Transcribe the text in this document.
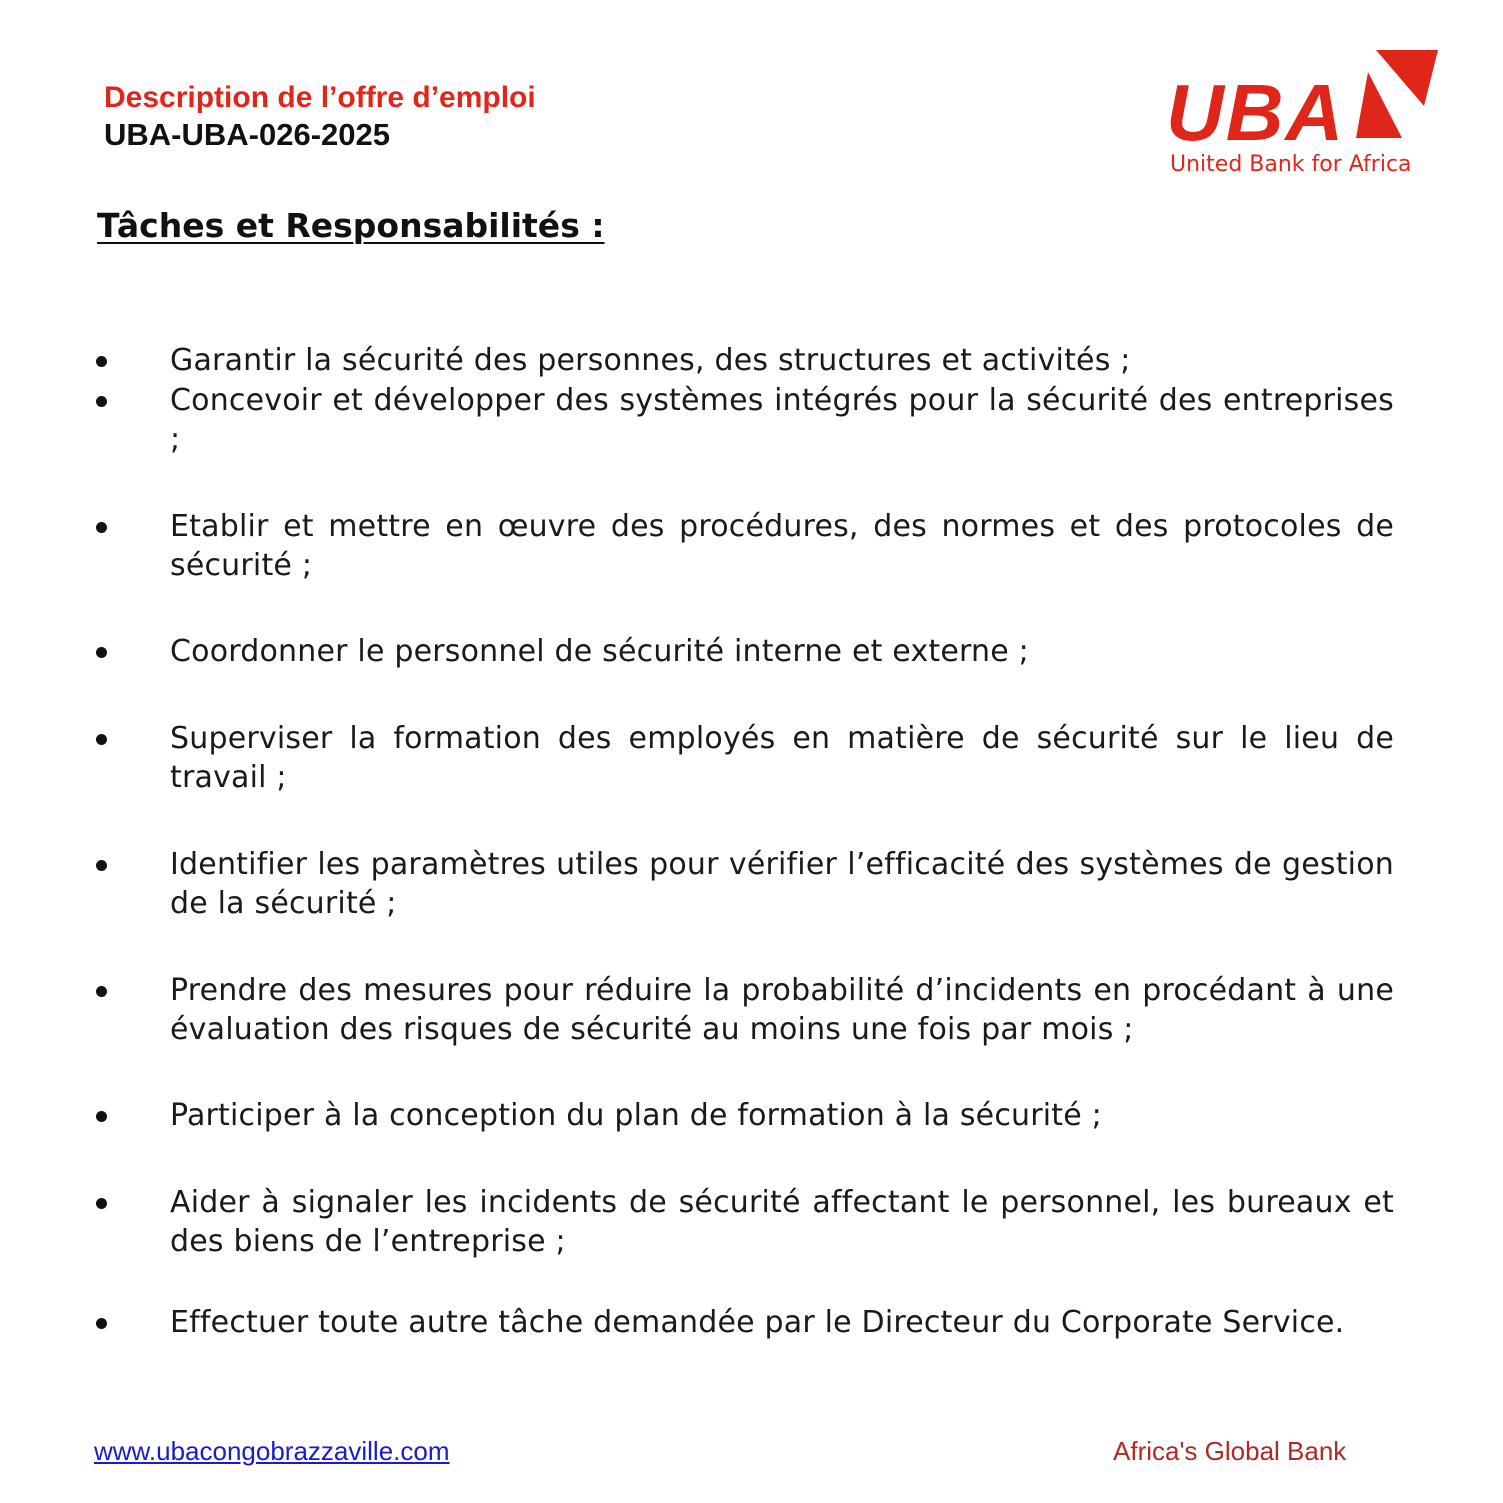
Description de l’offre d’emploi

UBA-UBA-026-2025	UBA
United Bank for Africa
Tâches et Responsabilités :

Garantir la sécurité des personnes, des structures et activités ;

Concevoir et développer des systèmes intégrés pour la sécurité des entreprises ;

Etablir et mettre en œuvre des procédures, des normes et des protocoles de sécurité ;

Coordonner le personnel de sécurité interne et externe ;

Superviser la formation des employés en matière de sécurité sur le lieu de travail ;

Identifier les paramètres utiles pour vérifier l’efficacité des systèmes de gestion de la sécurité ;

Prendre des mesures pour réduire la probabilité d’incidents en procédant à une évaluation des risques de sécurité au moins une fois par mois ;

Participer à la conception du plan de formation à la sécurité ;

Aider à signaler les incidents de sécurité affectant le personnel, les bureaux et des biens de l’entreprise ;

Effectuer toute autre tâche demandée par le Directeur du Corporate Service.

www.ubacongobrazzaville.com	Africa's Global Bank
